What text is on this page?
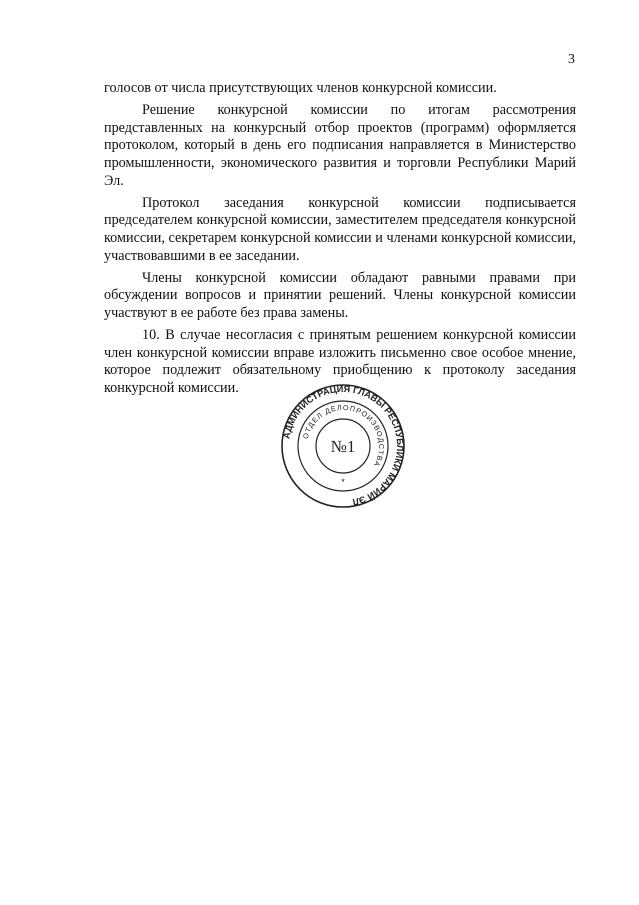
3

голосов от числа присутствующих членов конкурсной комиссии.

Решение конкурсной комиссии по итогам рассмотрения представленных на конкурсный отбор проектов (программ) оформляется протоколом, который в день его подписания направляется в Министерство промышленности, экономического развития и торговли Республики Марий Эл.

Протокол заседания конкурсной комиссии подписывается председателем конкурсной комиссии, заместителем председателя конкурсной комиссии, секретарем конкурсной комиссии и членами конкурсной комиссии, участвовавшими в ее заседании.

Члены конкурсной комиссии обладают равными правами при обсуждении вопросов и принятии решений. Члены конкурсной комиссии участвуют в ее работе без права замены.

10. В случае несогласия с принятым решением конкурсной комиссии член конкурсной комиссии вправе изложить письменно свое особое мнение, которое подлежит обязательному приобщению к протоколу заседания конкурсной комиссии.

АДМИНИСТРАЦИЯ ГЛАВЫ РЕСПУБЛИКИ МАРИЙ ЭЛ
ОТДЕЛ ДЕЛОПРОИЗВОДСТВА
№1
*
